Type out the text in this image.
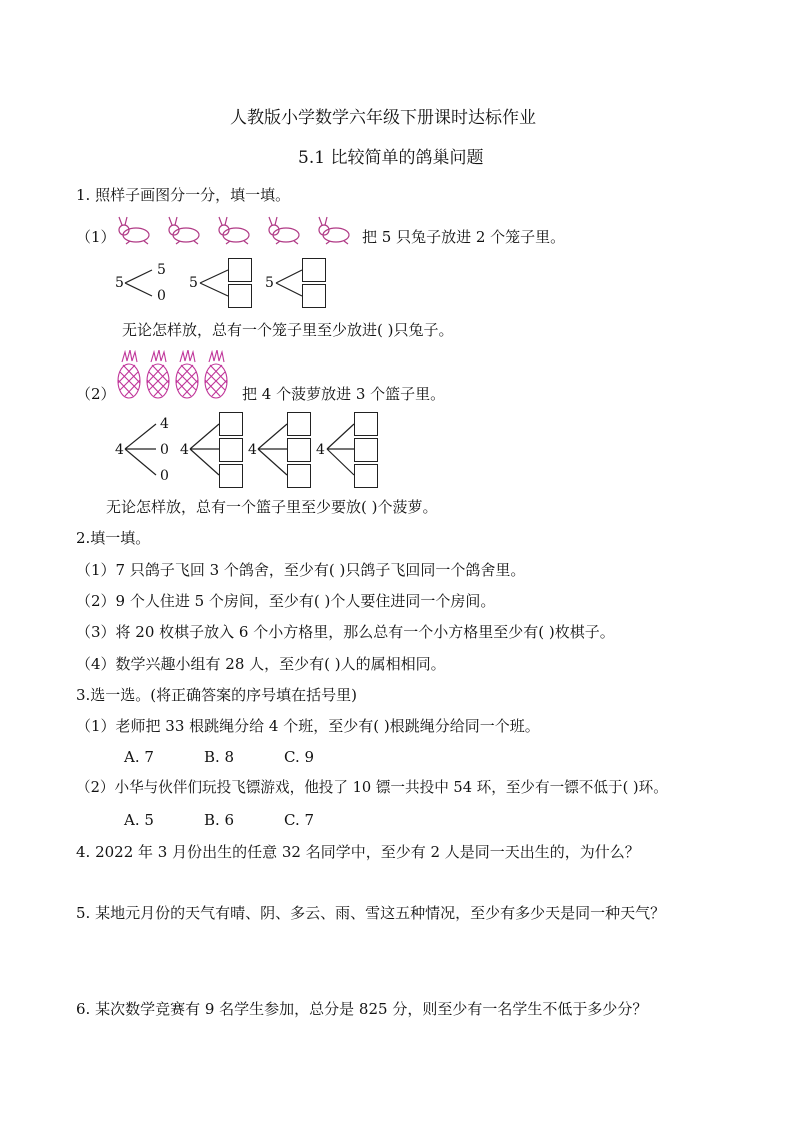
人教版小学数学六年级下册课时达标作业
5.1 比较简单的鸽巢问题
1. 照样子画图分一分，填一填。
（1）	把 5 只兔子放进 2 个笼子里。
5
5
0
5	5
无论怎样放，总有一个笼子里至少放进( )只兔子。
（2）	把 4 个菠萝放进 3 个篮子里。
4
4
0
0
4	4	4
无论怎样放，总有一个篮子里至少要放( )个菠萝。
2.填一填。
（1）7 只鸽子飞回 3 个鸽舍，至少有( )只鸽子飞回同一个鸽舍里。
（2）9 个人住进 5 个房间，至少有( )个人要住进同一个房间。
（3）将 20 枚棋子放入 6 个小方格里，那么总有一个小方格里至少有( )枚棋子。
（4）数学兴趣小组有 28 人，至少有( )人的属相相同。
3.选一选。(将正确答案的序号填在括号里)
（1）老师把 33 根跳绳分给 4 个班，至少有( )根跳绳分给同一个班。
A. 7	B. 8	C. 9
（2）小华与伙伴们玩投飞镖游戏，他投了 10 镖一共投中 54 环，至少有一镖不低于( )环。
A. 5	B. 6	C. 7
4. 2022 年 3 月份出生的任意 32 名同学中，至少有 2 人是同一天出生的，为什么？
5. 某地元月份的天气有晴、阴、多云、雨、雪这五种情况，至少有多少天是同一种天气？
6. 某次数学竞赛有 9 名学生参加，总分是 825 分，则至少有一名学生不低于多少分？
